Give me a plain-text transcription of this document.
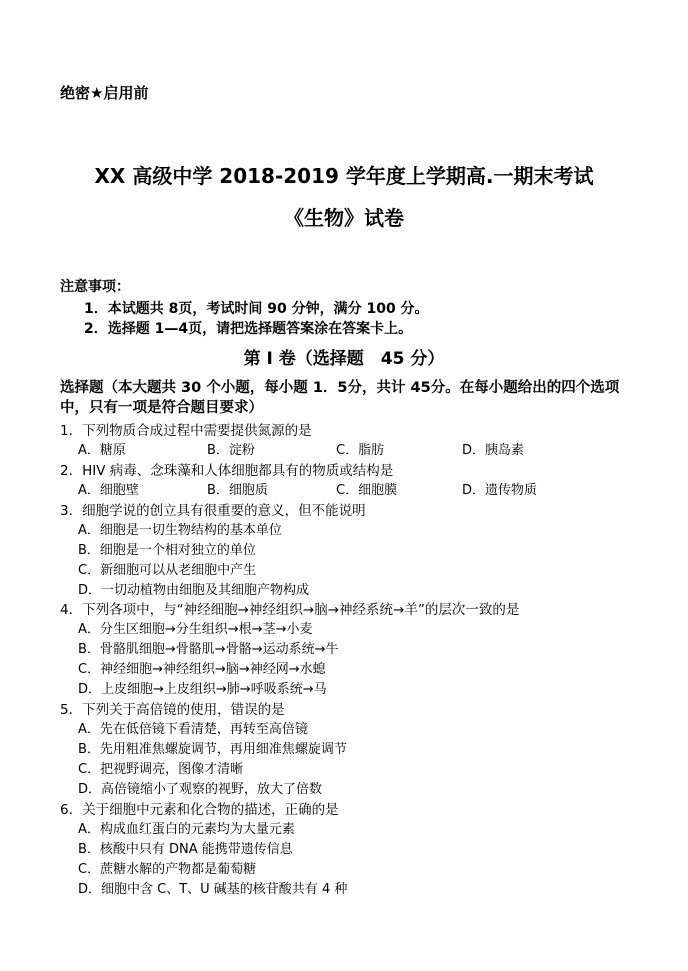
绝密★启用前
XX 高级中学 2018-2019 学年度上学期高.一期末考试
《生物》试卷
注意事项：
1．本试题共 8页，考试时间 90 分钟，满分 100 分。
2．选择题 1—4页，请把选择题答案涂在答案卡上。
第 I 卷（选择题　45 分）
选择题（本大题共 30 个小题，每小题 1．5分，共计 45分。在每小题给出的四个选项中，只有一项是符合题目要求）
1．下列物质合成过程中需要提供氮源的是
A．糖原	B．淀粉	C．脂肪	D．胰岛素
2．HIV 病毒、念珠藻和人体细胞都具有的物质或结构是
A．细胞壁	B．细胞质	C．细胞膜	D．遗传物质
3．细胞学说的创立具有很重要的意义，但不能说明
A．细胞是一切生物结构的基本单位
B．细胞是一个相对独立的单位
C．新细胞可以从老细胞中产生
D．一切动植物由细胞及其细胞产物构成
4．下列各项中，与“神经细胞→神经组织→脑→神经系统→羊”的层次一致的是
A．分生区细胞→分生组织→根→茎→小麦
B．骨骼肌细胞→骨骼肌→骨骼→运动系统→牛
C．神经细胞→神经组织→脑→神经网→水螅
D．上皮细胞→上皮组织→肺→呼吸系统→马
5．下列关于高倍镜的使用，错误的是
A．先在低倍镜下看清楚，再转至高倍镜
B．先用粗准焦螺旋调节，再用细准焦螺旋调节
C．把视野调亮，图像才清晰
D．高倍镜缩小了观察的视野，放大了倍数
6．关于细胞中元素和化合物的描述，正确的是
A．构成血红蛋白的元素均为大量元素
B．核酸中只有 DNA 能携带遗传信息
C．蔗糖水解的产物都是葡萄糖
D．细胞中含 C、T、U 碱基的核苷酸共有 4 种
